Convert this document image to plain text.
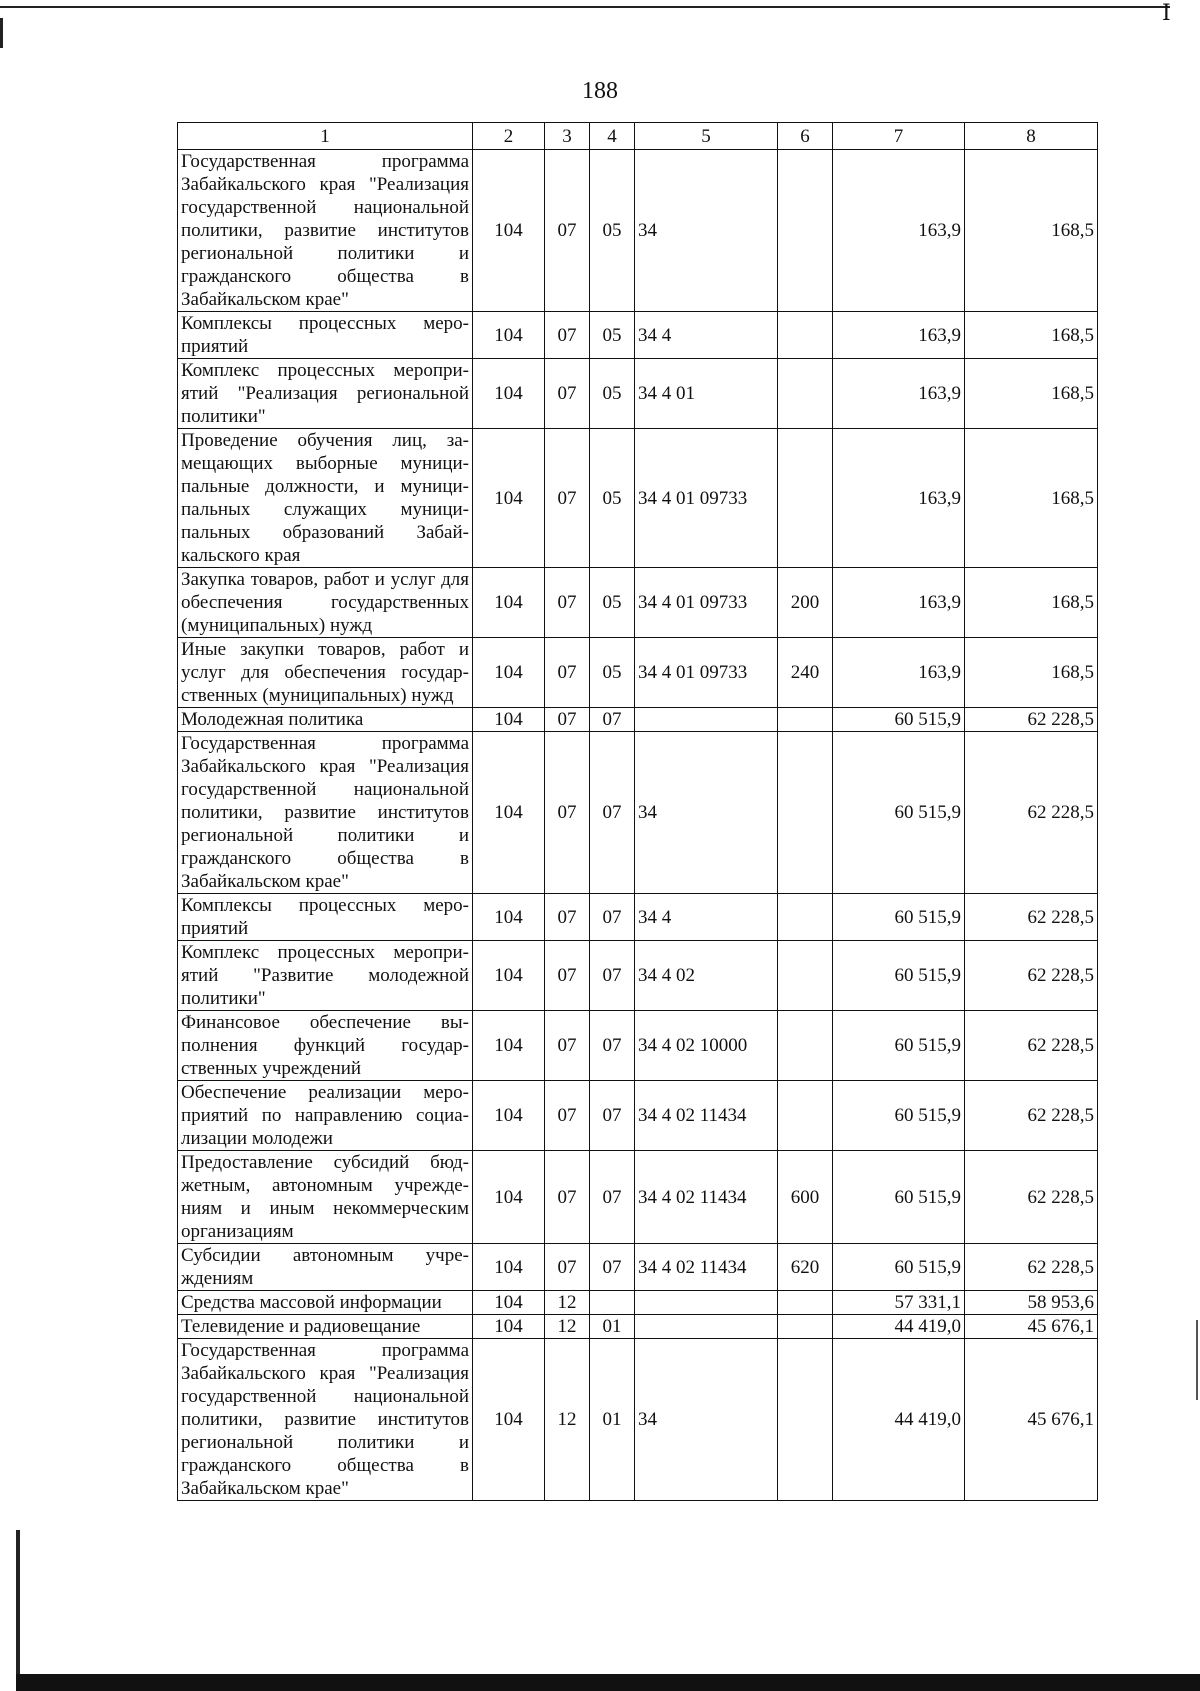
Ⅰ
188
1	2	3	4	5	6	7	8
Государственная программа Забайкальского края "Реализация государственной национальной политики, развитие институтов региональной политики и гражданского общества в Забайкальском крае"	104	07	05	34		163,9	168,5
Комплексы процессных мероприятий	104	07	05	34 4		163,9	168,5
Комплекс процессных мероприятий "Реализация региональной политики"	104	07	05	34 4 01		163,9	168,5
Проведение обучения лиц, замещающих выборные муниципальные должности, и муниципальных служащих муниципальных образований Забайкальского края	104	07	05	34 4 01 09733		163,9	168,5
Закупка товаров, работ и услуг для обеспечения государственных (муниципальных) нужд	104	07	05	34 4 01 09733	200	163,9	168,5
Иные закупки товаров, работ и услуг для обеспечения государственных (муниципальных) нужд	104	07	05	34 4 01 09733	240	163,9	168,5
Молодежная политика	104	07	07			60 515,9	62 228,5
Государственная программа Забайкальского края "Реализация государственной национальной политики, развитие институтов региональной политики и гражданского общества в Забайкальском крае"	104	07	07	34		60 515,9	62 228,5
Комплексы процессных мероприятий	104	07	07	34 4		60 515,9	62 228,5
Комплекс процессных мероприятий "Развитие молодежной политики"	104	07	07	34 4 02		60 515,9	62 228,5
Финансовое обеспечение выполнения функций государственных учреждений	104	07	07	34 4 02 10000		60 515,9	62 228,5
Обеспечение реализации мероприятий по направлению социализации молодежи	104	07	07	34 4 02 11434		60 515,9	62 228,5
Предоставление субсидий бюджетным, автономным учреждениям и иным некоммерческим организациям	104	07	07	34 4 02 11434	600	60 515,9	62 228,5
Субсидии автономным учреждениям	104	07	07	34 4 02 11434	620	60 515,9	62 228,5
Средства массовой информации	104	12				57 331,1	58 953,6
Телевидение и радиовещание	104	12	01			44 419,0	45 676,1
Государственная программа Забайкальского края "Реализация государственной национальной политики, развитие институтов региональной политики и гражданского общества в Забайкальском крае"	104	12	01	34		44 419,0	45 676,1
